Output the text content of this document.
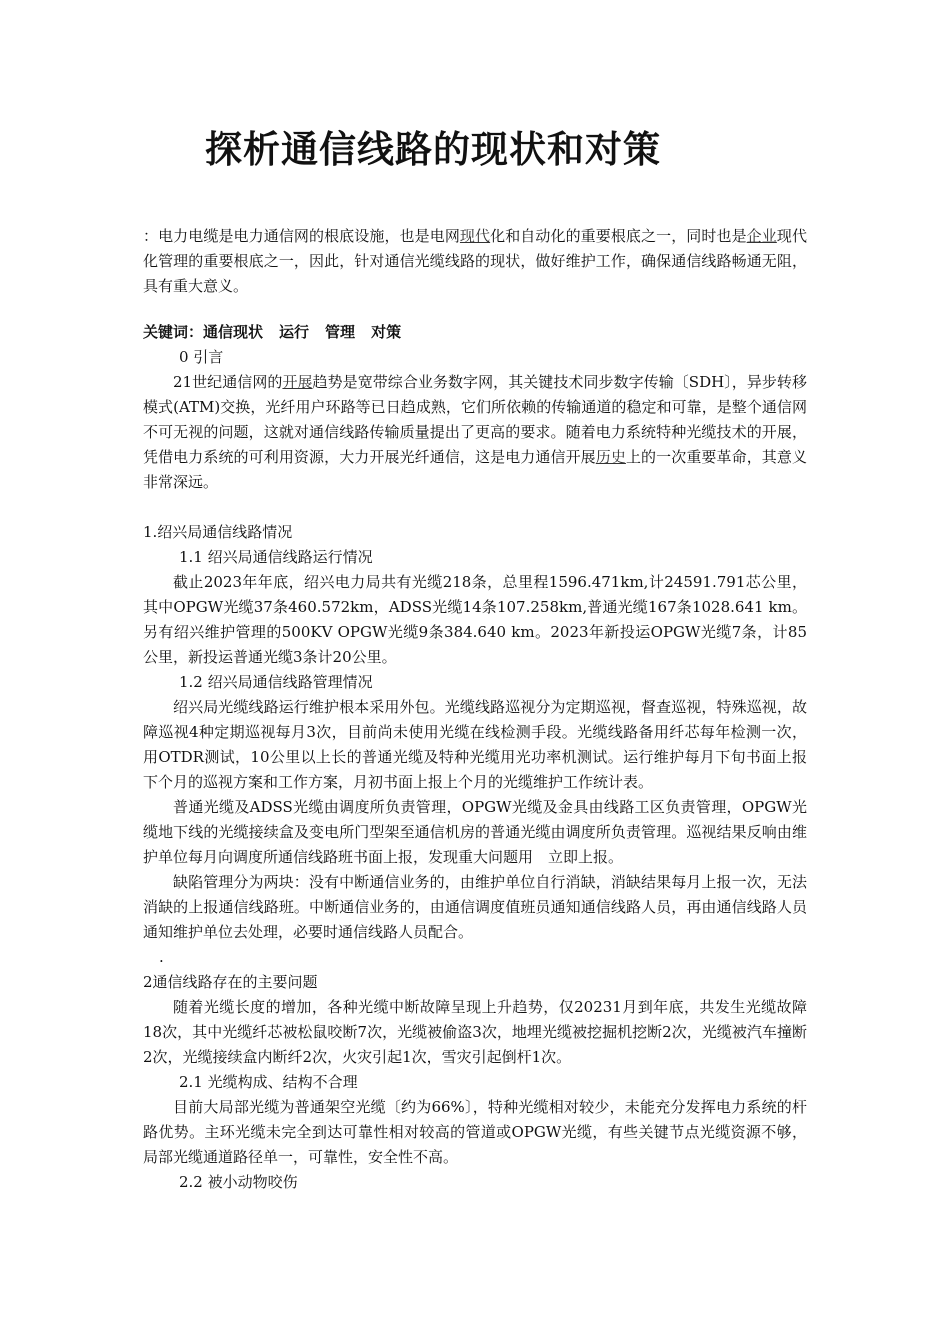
探析通信线路的现状和对策

：电力电缆是电力通信网的根底设施，也是电网现代化和自动化的重要根底之一，同时也是企业现代化管理的重要根底之一，因此，针对通信光缆线路的现状，做好维护工作，确保通信线路畅通无阻，具有重大意义。

关键词：通信现状 运行 管理 对策

0 引言

21世纪通信网的开展趋势是宽带综合业务数字网，其关键技术同步数字传输〔SDH〕，异步转移模式(ATM)交换，光纤用户环路等已日趋成熟，它们所依赖的传输通道的稳定和可靠，是整个通信网不可无视的问题，这就对通信线路传输质量提出了更高的要求。随着电力系统特种光缆技术的开展，凭借电力系统的可利用资源，大力开展光纤通信，这是电力通信开展历史上的一次重要革命，其意义非常深远。

1.绍兴局通信线路情况

1.1 绍兴局通信线路运行情况

截止2023年年底，绍兴电力局共有光缆218条，总里程1596.471km,计24591.791芯公里，其中OPGW光缆37条460.572km，ADSS光缆14条107.258km,普通光缆167条1028.641 km。另有绍兴维护管理的500KV OPGW光缆9条384.640 km。2023年新投运OPGW光缆7条，计85公里，新投运普通光缆3条计20公里。

1.2 绍兴局通信线路管理情况

绍兴局光缆线路运行维护根本采用外包。光缆线路巡视分为定期巡视，督查巡视，特殊巡视，故障巡视4种定期巡视每月3次，目前尚未使用光缆在线检测手段。光缆线路备用纤芯每年检测一次，用OTDR测试，10公里以上长的普通光缆及特种光缆用光功率机测试。运行维护每月下旬书面上报下个月的巡视方案和工作方案，月初书面上报上个月的光缆维护工作统计表。

普通光缆及ADSS光缆由调度所负责管理，OPGW光缆及金具由线路工区负责管理，OPGW光缆地下线的光缆接续盒及变电所门型架至通信机房的普通光缆由调度所负责管理。巡视结果反响由维护单位每月向调度所通信线路班书面上报，发现重大问题用　立即上报。

缺陷管理分为两块：没有中断通信业务的，由维护单位自行消缺，消缺结果每月上报一次，无法消缺的上报通信线路班。中断通信业务的，由通信调度值班员通知通信线路人员，再由通信线路人员通知维护单位去处理，必要时通信线路人员配合。

.

2通信线路存在的主要问题

随着光缆长度的增加，各种光缆中断故障呈现上升趋势，仅20231月到年底，共发生光缆故障18次，其中光缆纤芯被松鼠咬断7次，光缆被偷盗3次，地埋光缆被挖掘机挖断2次，光缆被汽车撞断2次，光缆接续盒内断纤2次，火灾引起1次，雪灾引起倒杆1次。

2.1 光缆构成、结构不合理

目前大局部光缆为普通架空光缆〔约为66%〕，特种光缆相对较少，未能充分发挥电力系统的杆路优势。主环光缆未完全到达可靠性相对较高的管道或OPGW光缆，有些关键节点光缆资源不够，局部光缆通道路径单一，可靠性，安全性不高。

2.2 被小动物咬伤
